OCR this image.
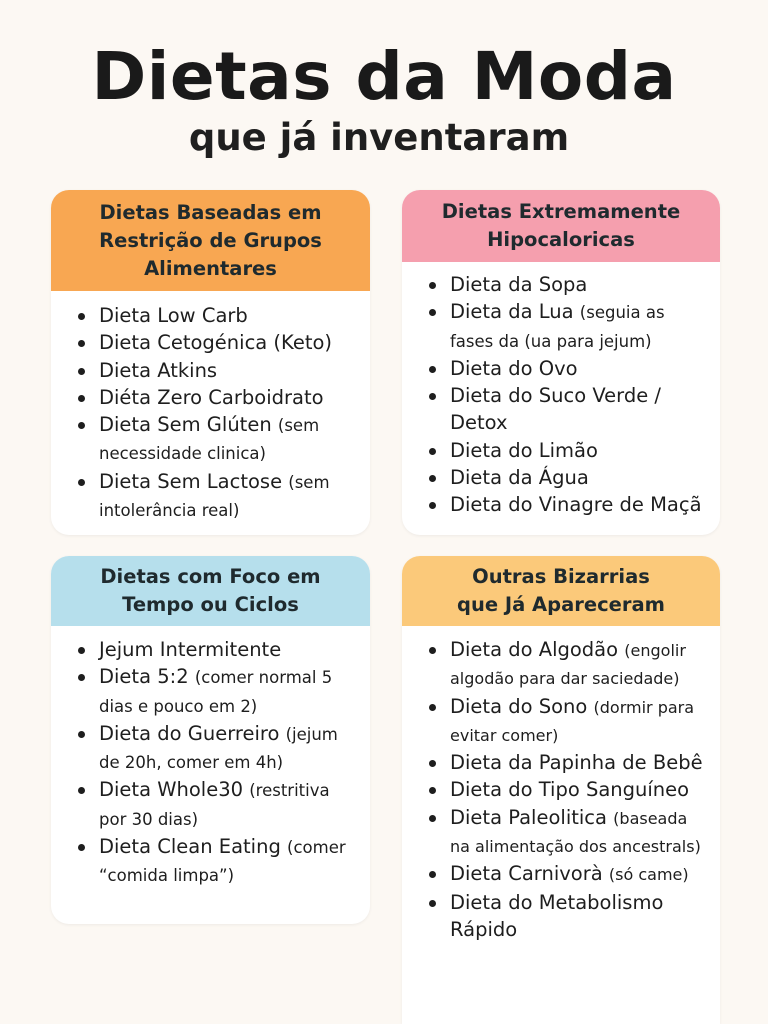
Dietas da Moda
que já inventaram
Dietas Baseadas em
Restrição de Grupos
Alimentares
Dieta Low Carb
Dieta Cetogénica (Keto)
Dieta Atkins
Diéta Zero Carboidrato
Dieta Sem Glúten (sem necessidade clinica)
Dieta Sem Lactose (sem intolerância real)
Dietas Extremamente
Hipocaloricas
Dieta da Sopa
Dieta da Lua (seguia as fases da (ua para jejum)
Dieta do Ovo
Dieta do Suco Verde / Detox
Dieta do Limão
Dieta da Água
Dieta do Vinagre de Maçã
Dietas com Foco em
Tempo ou Ciclos
Jejum Intermitente
Dieta 5:2 (comer normal 5 dias e pouco em 2)
Dieta do Guerreiro (jejum de 20h, comer em 4h)
Dieta Whole30 (restritiva por 30 dias)
Dieta Clean Eating (comer “comida limpa”)
Outras Bizarrias
que Já Apareceram
Dieta do Algodão (engolir algodão para dar saciedade)
Dieta do Sono (dormir para evitar comer)
Dieta da Papinha de Bebê
Dieta do Tipo Sanguíneo
Dieta Paleolitica (baseada na alimentação dos ancestrals)
Dieta Carnivorà (só came)
Dieta do Metabolismo Rápido
